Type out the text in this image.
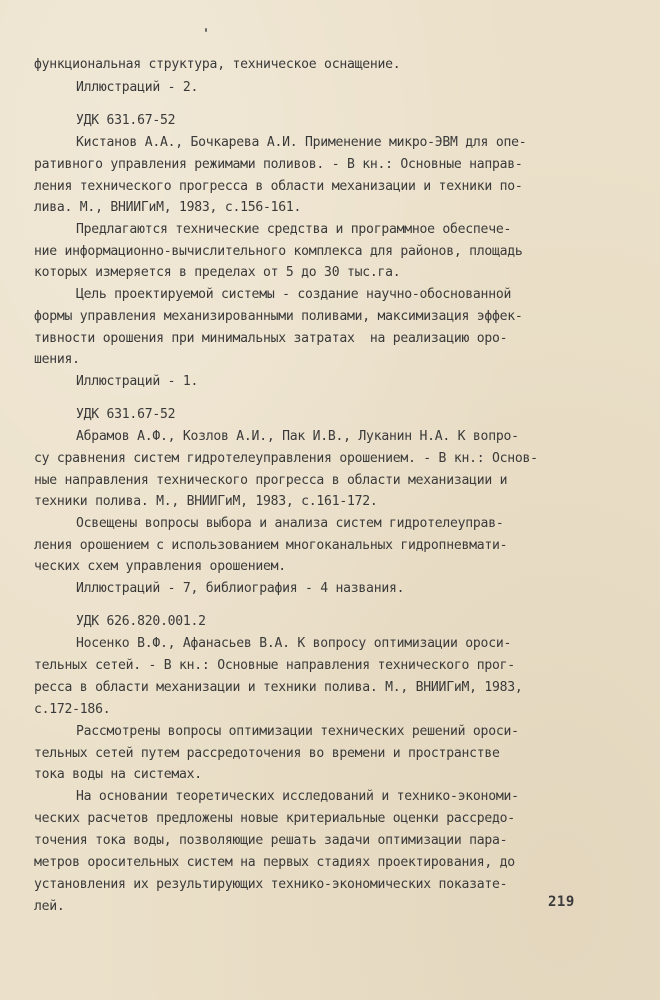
функциональная структура, техническое оснащение.
Иллюстраций - 2.
УДК 631.67-52
Кистанов А.А., Бочкарева А.И. Применение микро-ЭВМ для опе-
ративного управления режимами поливов. - В кн.: Основные направ-
ления технического прогресса в области механизации и техники по-
лива. М., ВНИИГиМ, 1983, с.156-161.
Предлагаются технические средства и программное обеспече-
ние информационно-вычислительного комплекса для районов, площадь
которых измеряется в пределах от 5 до 30 тыс.га.
Цель проектируемой системы - создание научно-обоснованной
формы управления механизированными поливами, максимизация эффек-
тивности орошения при минимальных затратах  на реализацию оро-
шения.
Иллюстраций - 1.
УДК 631.67-52
Абрамов А.Ф., Козлов А.И., Пак И.В., Луканин Н.А. К вопро-
су сравнения систем гидротелеуправления орошением. - В кн.: Основ-
ные направления технического прогресса в области механизации и
техники полива. М., ВНИИГиМ, 1983, с.161-172.
Освещены вопросы выбора и анализа систем гидротелеуправ-
ления орошением с использованием многоканальных гидропневмати-
ческих схем управления орошением.
Иллюстраций - 7, библиография - 4 названия.
УДК 626.820.001.2
Носенко В.Ф., Афанасьев В.А. К вопросу оптимизации ороси-
тельных сетей. - В кн.: Основные направления технического прог-
ресса в области механизации и техники полива. М., ВНИИГиМ, 1983,
с.172-186.
Рассмотрены вопросы оптимизации технических решений ороси-
тельных сетей путем рассредоточения во времени и пространстве
тока воды на системах.
На основании теоретических исследований и технико-экономи-
ческих расчетов предложены новые критериальные оценки рассредо-
точения тока воды, позволяющие решать задачи оптимизации пара-
метров оросительных систем на первых стадиях проектирования, до
установления их результирующих технико-экономических показате-
лей.	219
